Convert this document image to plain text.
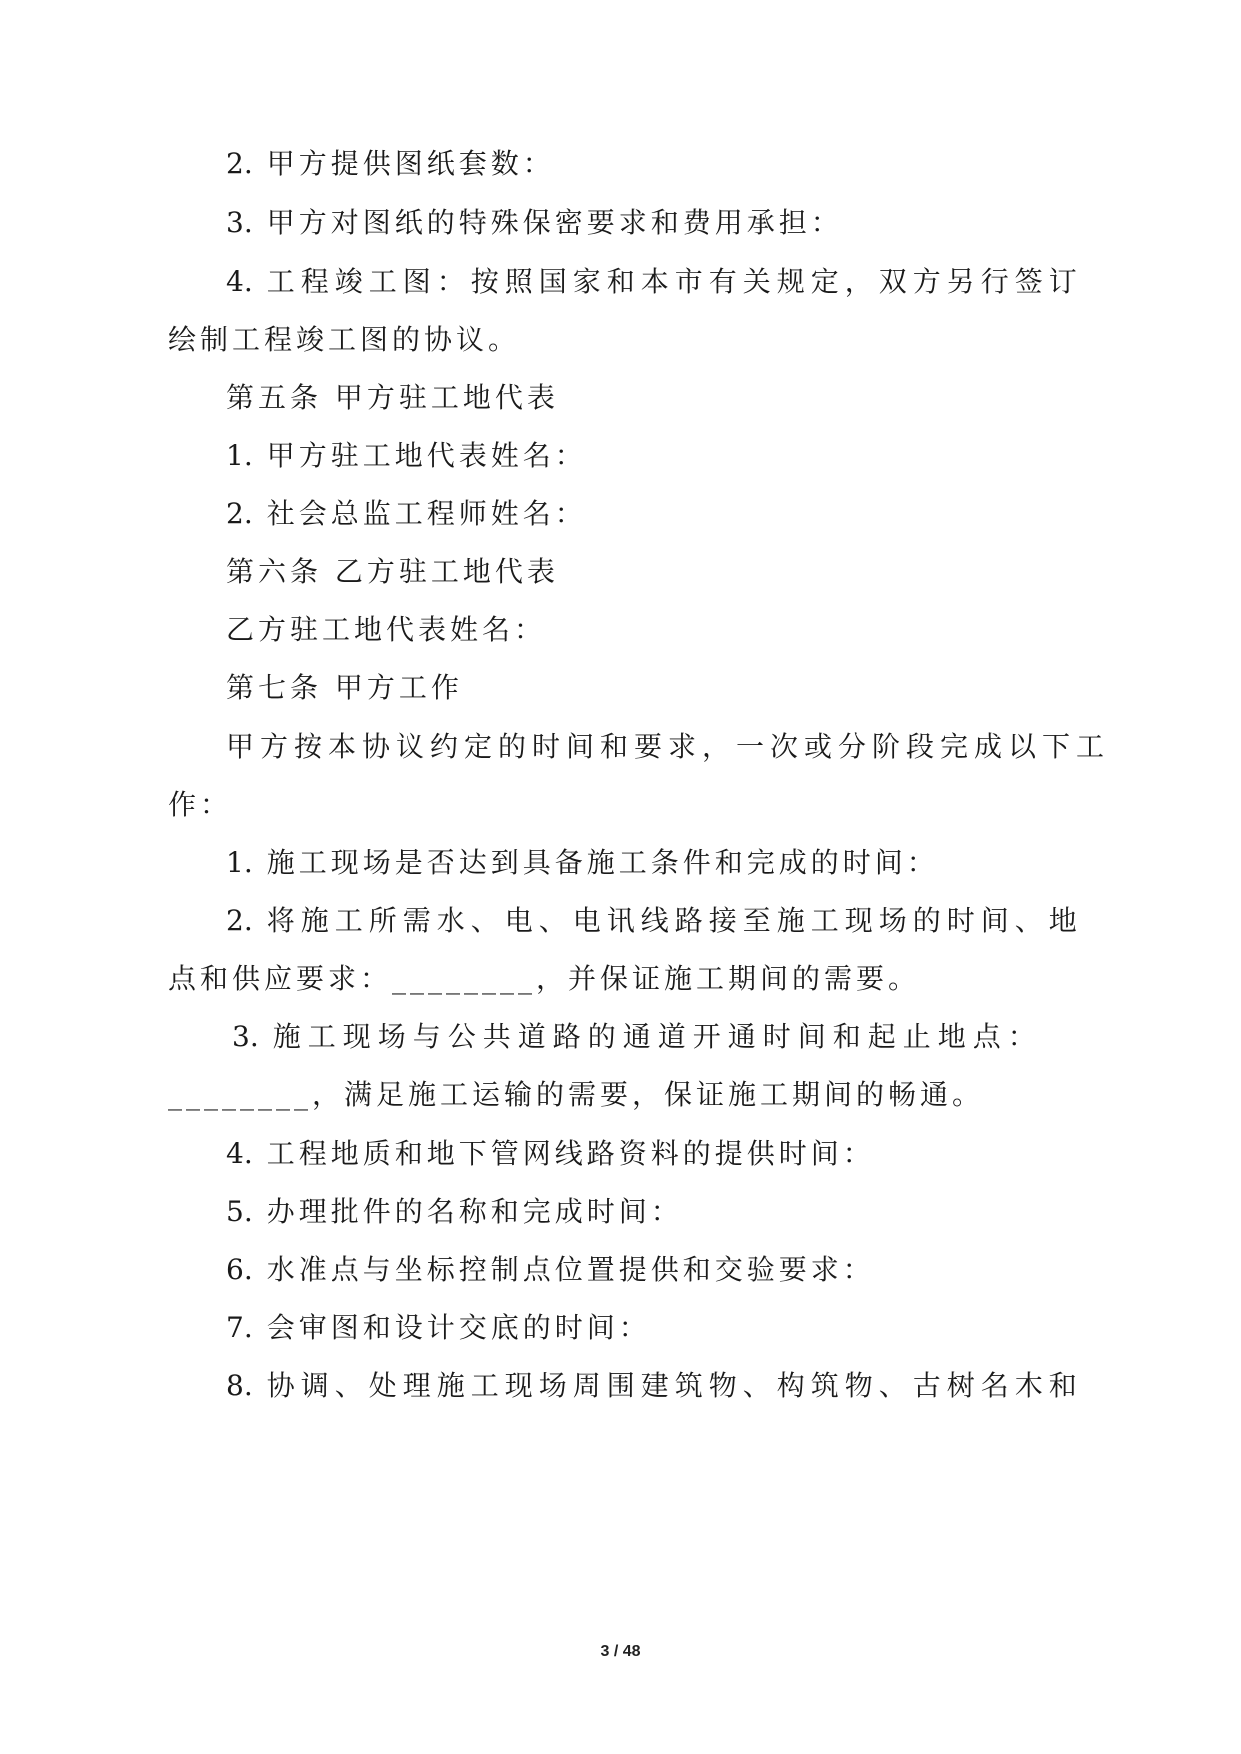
2. 甲方提供图纸套数：
3. 甲方对图纸的特殊保密要求和费用承担：
4. 工程竣工图：按照国家和本市有关规定，双方另行签订
绘制工程竣工图的协议。
第五条 甲方驻工地代表
1. 甲方驻工地代表姓名：
2. 社会总监工程师姓名：
第六条 乙方驻工地代表
乙方驻工地代表姓名：
第七条 甲方工作
甲方按本协议约定的时间和要求，一次或分阶段完成以下工
作：
1. 施工现场是否达到具备施工条件和完成的时间：
2. 将施工所需水、电、电讯线路接至施工现场的时间、地
点和供应要求：________，并保证施工期间的需要。
3. 施工现场与公共道路的通道开通时间和起止地点：
________，满足施工运输的需要，保证施工期间的畅通。
4. 工程地质和地下管网线路资料的提供时间：
5. 办理批件的名称和完成时间：
6. 水准点与坐标控制点位置提供和交验要求：
7. 会审图和设计交底的时间：
8. 协调、处理施工现场周围建筑物、构筑物、古树名木和
3 / 48
